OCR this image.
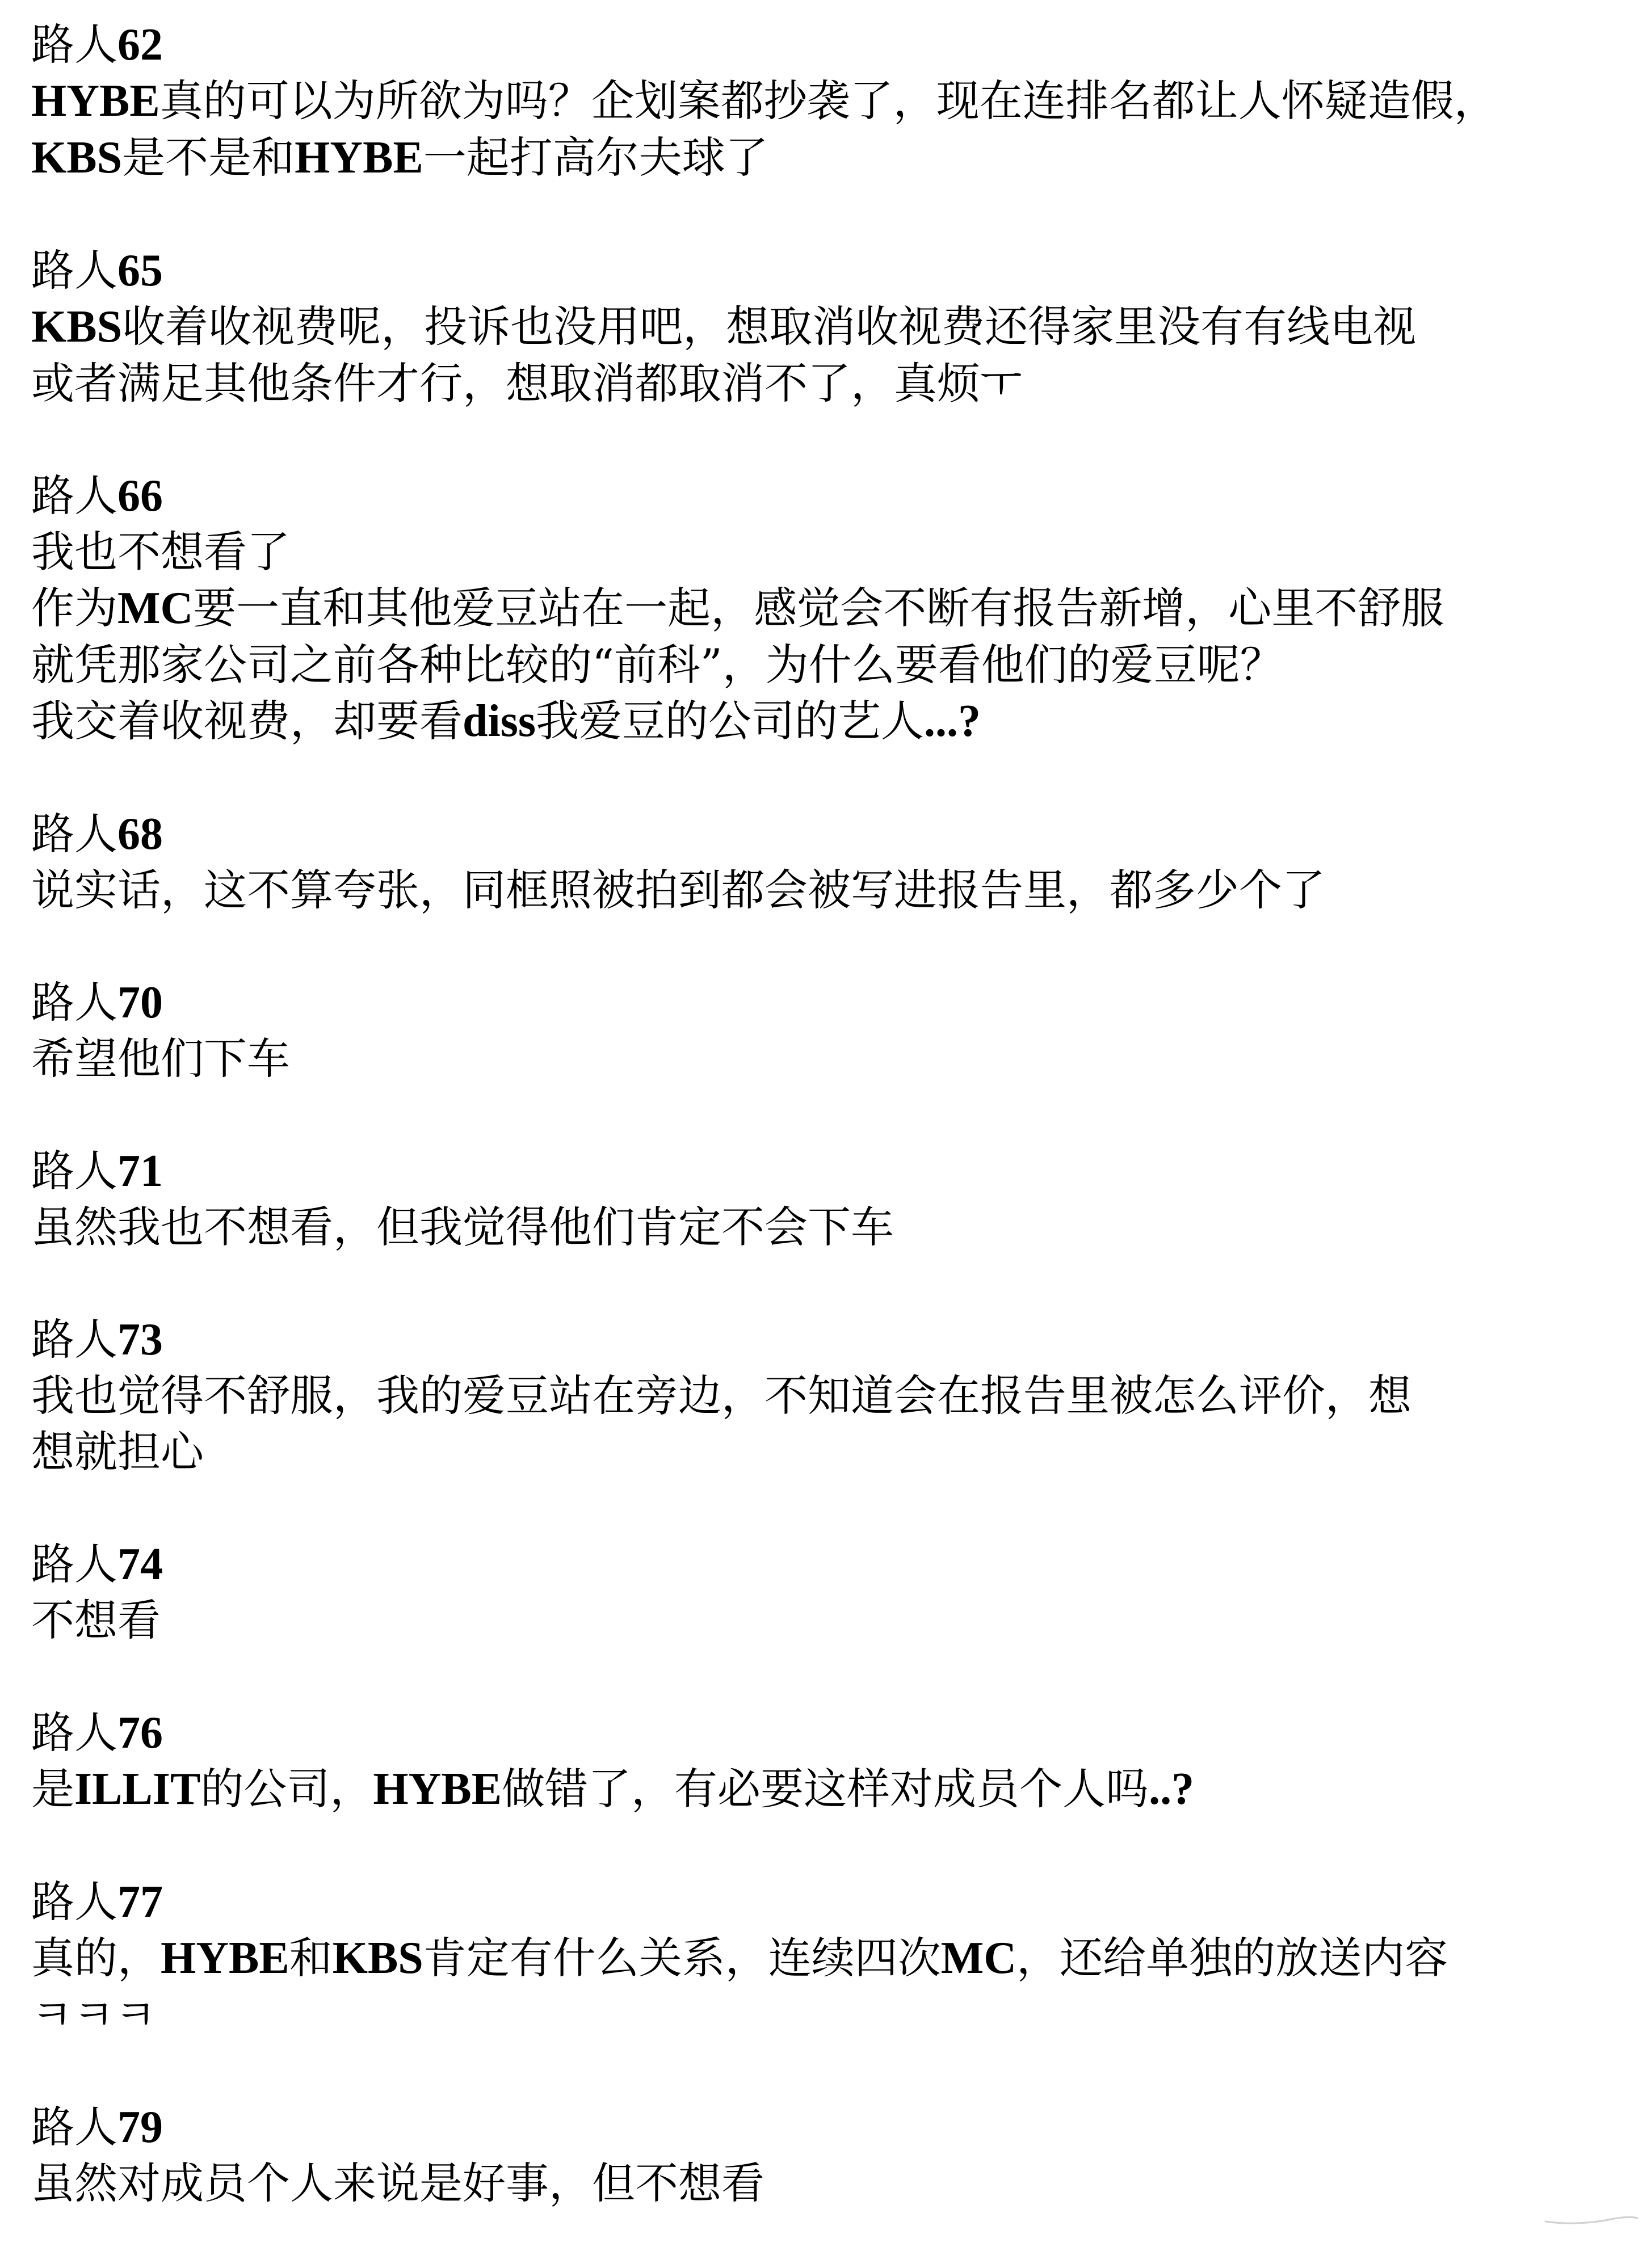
路人62
HYBE真的可以为所欲为吗？企划案都抄袭了，现在连排名都让人怀疑造假，
KBS是不是和HYBE一起打高尔夫球了
路人65
KBS收着收视费呢，投诉也没用吧，想取消收视费还得家里没有有线电视
或者满足其他条件才行，想取消都取消不了，真烦ㅜ
路人66
我也不想看了
作为MC要一直和其他爱豆站在一起，感觉会不断有报告新增，心里不舒服
就凭那家公司之前各种比较的“前科”，为什么要看他们的爱豆呢？
我交着收视费，却要看diss我爱豆的公司的艺人...?
路人68
说实话，这不算夸张，同框照被拍到都会被写进报告里，都多少个了
路人70
希望他们下车
路人71
虽然我也不想看，但我觉得他们肯定不会下车
路人73
我也觉得不舒服，我的爱豆站在旁边，不知道会在报告里被怎么评价，想
想就担心
路人74
不想看
路人76
是ILLIT的公司，HYBE做错了，有必要这样对成员个人吗..?
路人77
真的，HYBE和KBS肯定有什么关系，连续四次MC，还给单独的放送内容
ㅋㅋㅋ
路人79
虽然对成员个人来说是好事，但不想看
